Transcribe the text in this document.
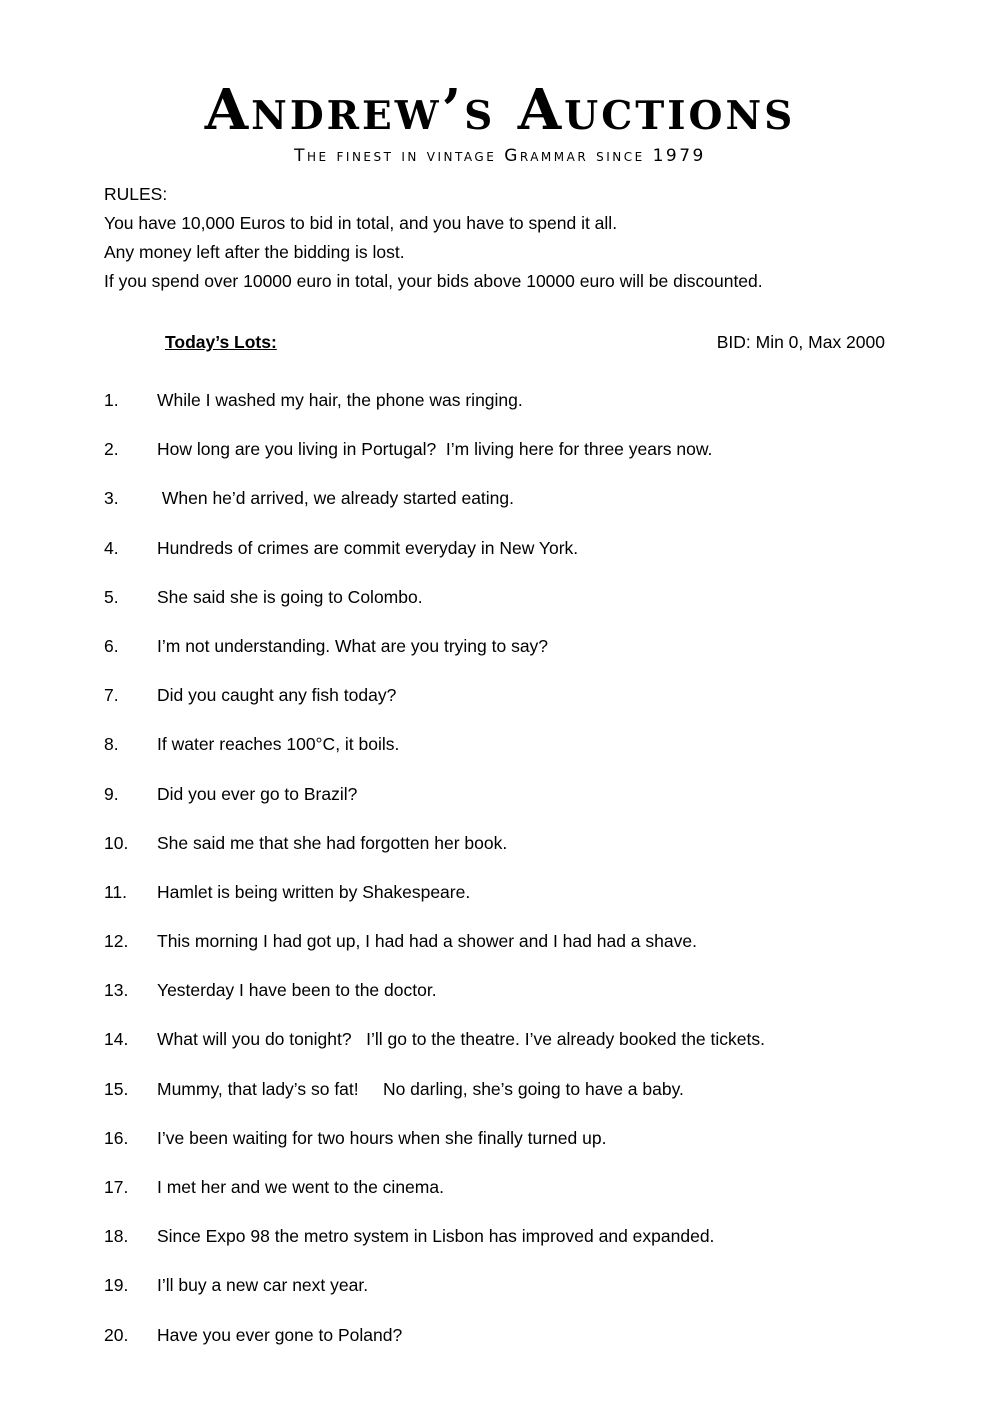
Andrew’s Auctions

The finest in vintage Grammar since 1979

RULES:
You have 10,000 Euros to bid in total, and you have to spend it all.
Any money left after the bidding is lost.
If you spend over 10000 euro in total, your bids above 10000 euro will be discounted.
Today’s Lots:	BID: Min 0, Max 2000
1.	While I washed my hair, the phone was ringing.
2.	How long are you living in Portugal?  I’m living here for three years now.
3.	When he’d arrived, we already started eating.
4.	Hundreds of crimes are commit everyday in New York.
5.	She said she is going to Colombo.
6.	I’m not understanding. What are you trying to say?
7.	Did you caught any fish today?
8.	If water reaches 100°C, it boils.
9.	Did you ever go to Brazil?
10.	She said me that she had forgotten her book.
11.	Hamlet is being written by Shakespeare.
12.	This morning I had got up, I had had a shower and I had had a shave.
13.	Yesterday I have been to the doctor.
14.	What will you do tonight?   I’ll go to the theatre. I’ve already booked the tickets.
15.	Mummy, that lady’s so fat!     No darling, she’s going to have a baby.
16.	I’ve been waiting for two hours when she finally turned up.
17.	I met her and we went to the cinema.
18.	Since Expo 98 the metro system in Lisbon has improved and expanded.
19.	I’ll buy a new car next year.
20.	Have you ever gone to Poland?
